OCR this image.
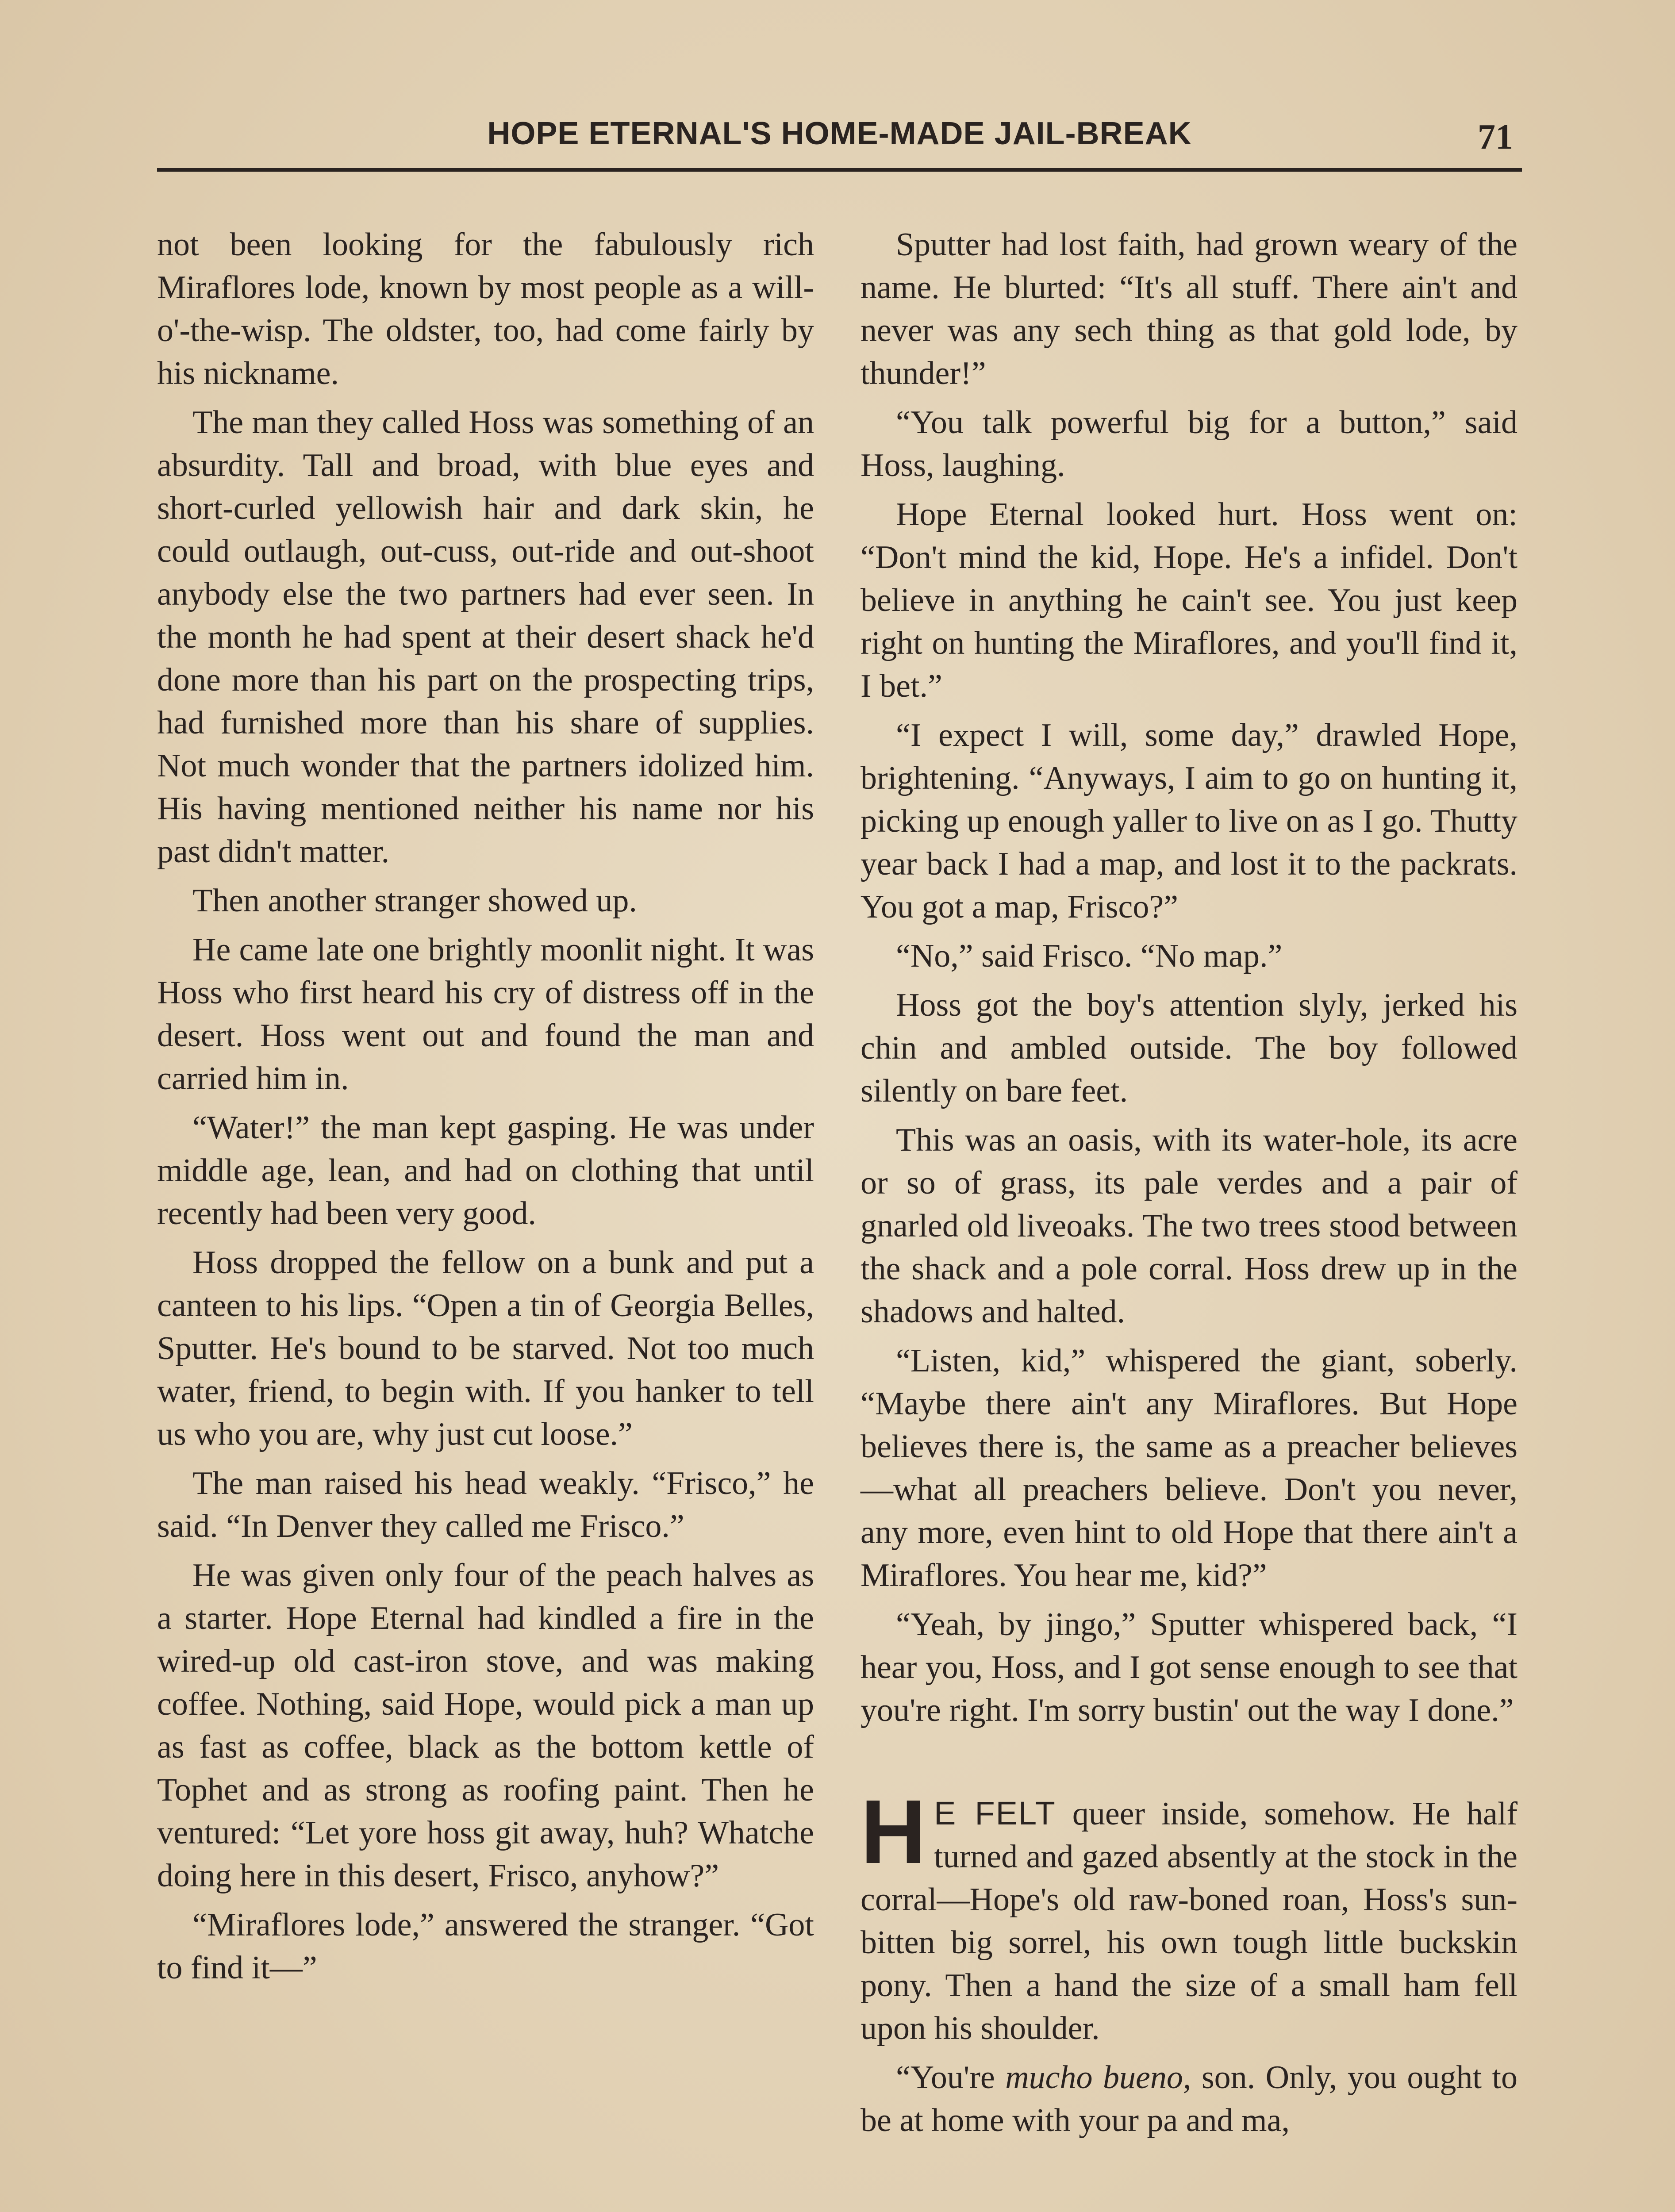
HOPE ETERNAL'S HOME-MADE JAIL-BREAK	71

not been looking for the fabulously rich Miraflores lode, known by most people as a will-o'-the-wisp. The oldster, too, had come fairly by his nickname.

The man they called Hoss was something of an absurdity. Tall and broad, with blue eyes and short-curled yellowish hair and dark skin, he could outlaugh, out-cuss, out-ride and out-shoot anybody else the two partners had ever seen. In the month he had spent at their desert shack he'd done more than his part on the prospecting trips, had furnished more than his share of supplies. Not much wonder that the partners idolized him. His having mentioned neither his name nor his past didn't matter.

Then another stranger showed up.

He came late one brightly moonlit night. It was Hoss who first heard his cry of distress off in the desert. Hoss went out and found the man and carried him in.

“Water!” the man kept gasping. He was under middle age, lean, and had on clothing that until recently had been very good.

Hoss dropped the fellow on a bunk and put a canteen to his lips. “Open a tin of Georgia Belles, Sputter. He's bound to be starved. Not too much water, friend, to begin with. If you hanker to tell us who you are, why just cut loose.”

The man raised his head weakly. “Frisco,” he said. “In Denver they called me Frisco.”

He was given only four of the peach halves as a starter. Hope Eternal had kindled a fire in the wired-up old cast-iron stove, and was making coffee. Nothing, said Hope, would pick a man up as fast as coffee, black as the bottom kettle of Tophet and as strong as roofing paint. Then he ventured: “Let yore hoss git away, huh? Whatche doing here in this desert, Frisco, anyhow?”

“Miraflores lode,” answered the stranger. “Got to find it—”

Sputter had lost faith, had grown weary of the name. He blurted: “It's all stuff. There ain't and never was any sech thing as that gold lode, by thunder!”

“You talk powerful big for a button,” said Hoss, laughing.

Hope Eternal looked hurt. Hoss went on: “Don't mind the kid, Hope. He's a infidel. Don't believe in anything he cain't see. You just keep right on hunting the Miraflores, and you'll find it, I bet.”

“I expect I will, some day,” drawled Hope, brightening. “Anyways, I aim to go on hunting it, picking up enough yaller to live on as I go. Thutty year back I had a map, and lost it to the packrats. You got a map, Frisco?”

“No,” said Frisco. “No map.”

Hoss got the boy's attention slyly, jerked his chin and ambled outside. The boy followed silently on bare feet.

This was an oasis, with its water-hole, its acre or so of grass, its pale verdes and a pair of gnarled old liveoaks. The two trees stood between the shack and a pole corral. Hoss drew up in the shadows and halted.

“Listen, kid,” whispered the giant, soberly. “Maybe there ain't any Miraflores. But Hope believes there is, the same as a preacher believes—what all preachers believe. Don't you never, any more, even hint to old Hope that there ain't a Miraflores. You hear me, kid?”

“Yeah, by jingo,” Sputter whispered back, “I hear you, Hoss, and I got sense enough to see that you're right. I'm sorry bustin' out the way I done.”

H E FELT queer inside, somehow. He half turned and gazed absently at the stock in the corral—Hope's old raw-boned roan, Hoss's sun-bitten big sorrel, his own tough little buckskin pony. Then a hand the size of a small ham fell upon his shoulder.

“You're mucho bueno, son. Only, you ought to be at home with your pa and ma,
